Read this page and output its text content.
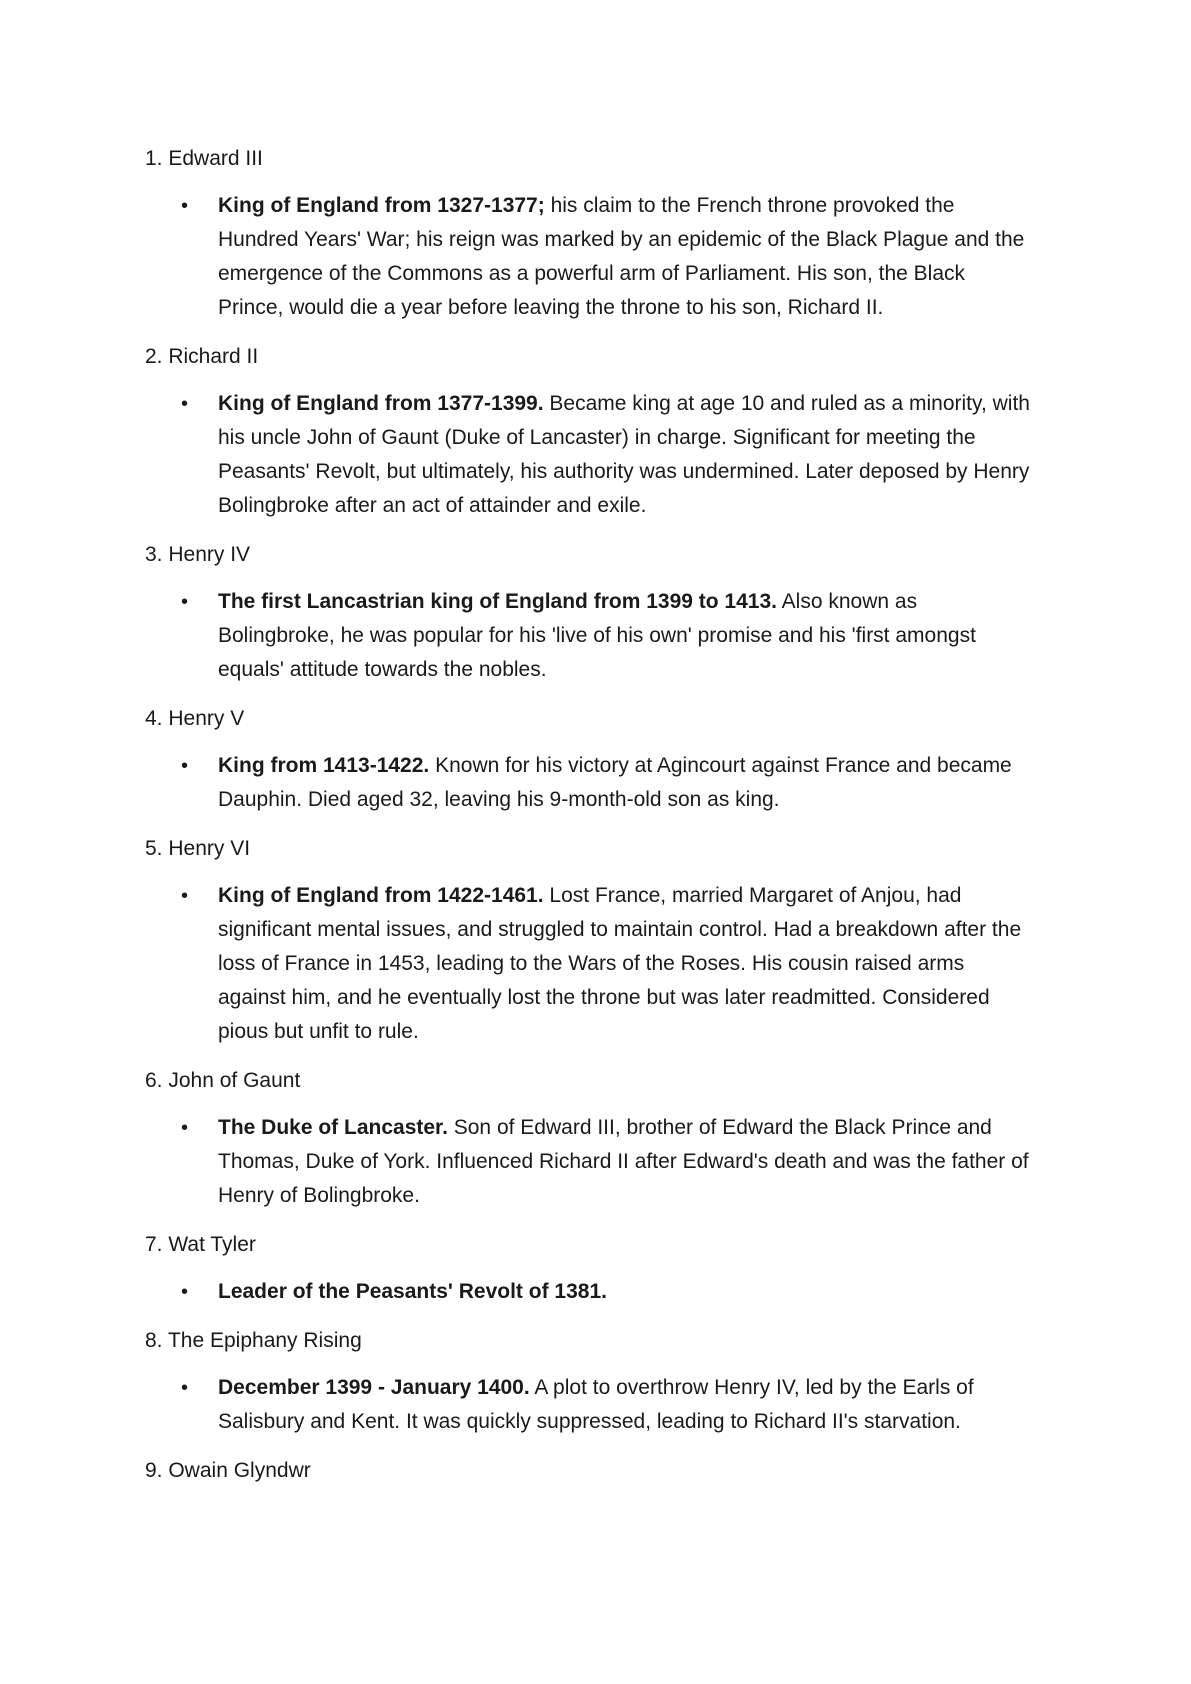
1. Edward III

• King of England from 1327-1377; his claim to the French throne provoked the Hundred Years' War; his reign was marked by an epidemic of the Black Plague and the emergence of the Commons as a powerful arm of Parliament. His son, the Black Prince, would die a year before leaving the throne to his son, Richard II.

2. Richard II

• King of England from 1377-1399. Became king at age 10 and ruled as a minority, with his uncle John of Gaunt (Duke of Lancaster) in charge. Significant for meeting the Peasants' Revolt, but ultimately, his authority was undermined. Later deposed by Henry Bolingbroke after an act of attainder and exile.

3. Henry IV

• The first Lancastrian king of England from 1399 to 1413. Also known as Bolingbroke, he was popular for his 'live of his own' promise and his 'first amongst equals' attitude towards the nobles.

4. Henry V

• King from 1413-1422. Known for his victory at Agincourt against France and became Dauphin. Died aged 32, leaving his 9-month-old son as king.

5. Henry VI

• King of England from 1422-1461. Lost France, married Margaret of Anjou, had significant mental issues, and struggled to maintain control. Had a breakdown after the loss of France in 1453, leading to the Wars of the Roses. His cousin raised arms against him, and he eventually lost the throne but was later readmitted. Considered pious but unfit to rule.

6. John of Gaunt

• The Duke of Lancaster. Son of Edward III, brother of Edward the Black Prince and Thomas, Duke of York. Influenced Richard II after Edward's death and was the father of Henry of Bolingbroke.

7. Wat Tyler

• Leader of the Peasants' Revolt of 1381.

8. The Epiphany Rising

• December 1399 - January 1400. A plot to overthrow Henry IV, led by the Earls of Salisbury and Kent. It was quickly suppressed, leading to Richard II's starvation.

9. Owain Glyndwr
